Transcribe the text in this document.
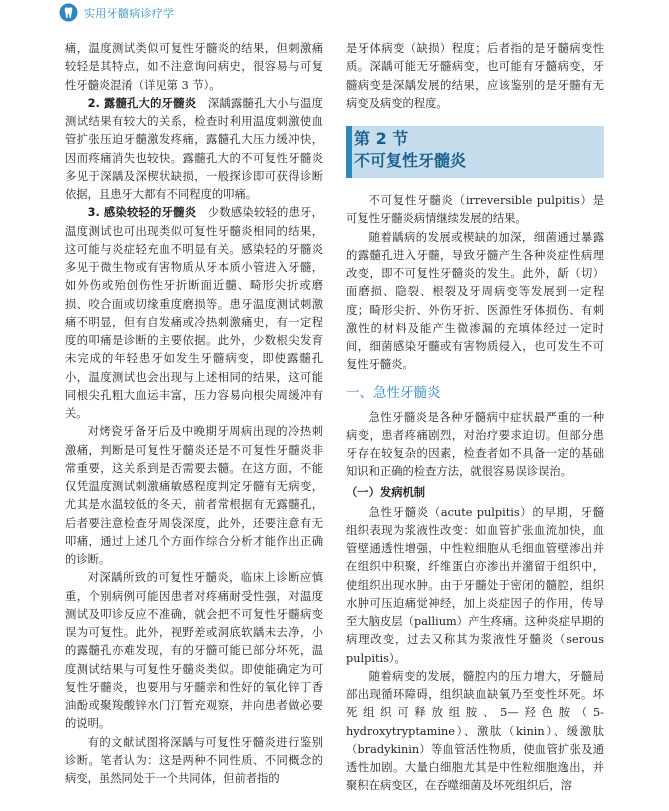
实用牙髓病诊疗学

痛，温度测试类似可复性牙髓炎的结果，但刺激痛较轻是其特点，如不注意询问病史，很容易与可复性牙髓炎混淆（详见第 3 节）。

2. 露髓孔大的牙髓炎　 深龋露髓孔大小与温度测试结果有较大的关系，检查时利用温度刺激使血管扩张压迫牙髓激发疼痛，露髓孔大压力缓冲快，因而疼痛消失也较快。露髓孔大的不可复性牙髓炎多见于深龋及深楔状缺损，一般探诊即可获得诊断依据，且患牙大都有不同程度的叩痛。

3. 感染较轻的牙髓炎　 少数感染较轻的患牙，温度测试也可出现类似可复性牙髓炎相同的结果，这可能与炎症轻充血不明显有关。感染轻的牙髓炎多见于微生物或有害物质从牙本质小管进入牙髓，如外伤或殆创伤性牙折断面近髓、畸形尖折或磨损、咬合面或切缘重度磨损等。患牙温度测试刺激痛不明显，但有自发痛或冷热刺激痛史，有一定程度的叩痛是诊断的主要依据。此外，少数根尖发育未完成的年轻患牙如发生牙髓病变，即使露髓孔小，温度测试也会出现与上述相同的结果，这可能同根尖孔粗大血运丰富，压力容易向根尖周缓冲有关。

对烤瓷牙备牙后及中晚期牙周病出现的冷热刺激痛，判断是可复性牙髓炎还是不可复性牙髓炎非常重要，这关系到是否需要去髓。在这方面，不能仅凭温度测试刺激痛敏感程度判定牙髓有无病变，尤其是水温较低的冬天，前者常根据有无露髓孔，后者要注意检查牙周袋深度，此外，还要注意有无叩痛，通过上述几个方面作综合分析才能作出正确的诊断。

对深龋所致的可复性牙髓炎，临床上诊断应慎重，个别病例可能因患者对疼痛耐受性强，对温度测试及叩诊反应不准确，就会把不可复性牙髓病变误为可复性。此外，视野差或洞底软龋未去净，小的露髓孔亦难发现，有的牙髓可能已部分坏死，温度测试结果与可复性牙髓炎类似。即使能确定为可复性牙髓炎，也要用与牙髓亲和性好的氧化锌丁香油酚或聚羧酸锌水门汀暂充观察，并向患者做必要的说明。

有的文献试图将深龋与可复性牙髓炎进行鉴别诊断。笔者认为：这是两种不同性质、不同概念的病变，虽然同处于一个共同体，但前者指的

是牙体病变（缺损）程度；后者指的是牙髓病变性质。深龋可能无牙髓病变，也可能有牙髓病变，牙髓病变是深龋发展的结果，应该鉴别的是牙髓有无病变及病变的程度。

第 2 节
不可复性牙髓炎

不可复性牙髓炎（irreversible pulpitis）是可复性牙髓炎病情继续发展的结果。

随着龋病的发展或楔缺的加深，细菌通过暴露的露髓孔进入牙髓，导致牙髓产生各种炎症性病理改变，即不可复性牙髓炎的发生。此外，龂（切）面磨损、隐裂、根裂及牙周病变等发展到一定程度；畸形尖折、外伤牙折、医源性牙体损伤、有刺激性的材料及能产生微渗漏的充填体经过一定时间，细菌感染牙髓或有害物质侵入，也可发生不可复性牙髓炎。

一、急性牙髓炎

急性牙髓炎是各种牙髓病中症状最严重的一种病变，患者疼痛剧烈，对治疗要求迫切。但部分患牙存在较复杂的因素，检查者如不具备一定的基础知识和正确的检查方法，就很容易误诊误治。

（一）发病机制

急性牙髓炎（acute pulpitis）的早期，牙髓组织表现为浆液性改变：如血管扩张血流加快，血管壁通透性增强，中性粒细胞从毛细血管壁渗出并在组织中积聚，纤维蛋白亦渗出并潴留于组织中，使组织出现水肿。由于牙髓处于密闭的髓腔，组织水肿可压迫痛觉神经，加上炎症因子的作用，传导至大脑皮层（pallium）产生疼痛。这种炎症早期的病理改变，过去又称其为浆液性牙髓炎（serous pulpitis）。

随着病变的发展，髓腔内的压力增大，牙髓局部出现循环障碍，组织缺血缺氧乃至变性坏死。坏死组织可释放组胺、5—羟色胺（5-hydroxytryptamine）、激肽（kinin）、缓激肽（bradykinin）等血管活性物质，使血管扩张及通透性加剧。大量白细胞尤其是中性粒细胞逸出，并聚积在病变区，在吞噬细菌及坏死组织后，溶
